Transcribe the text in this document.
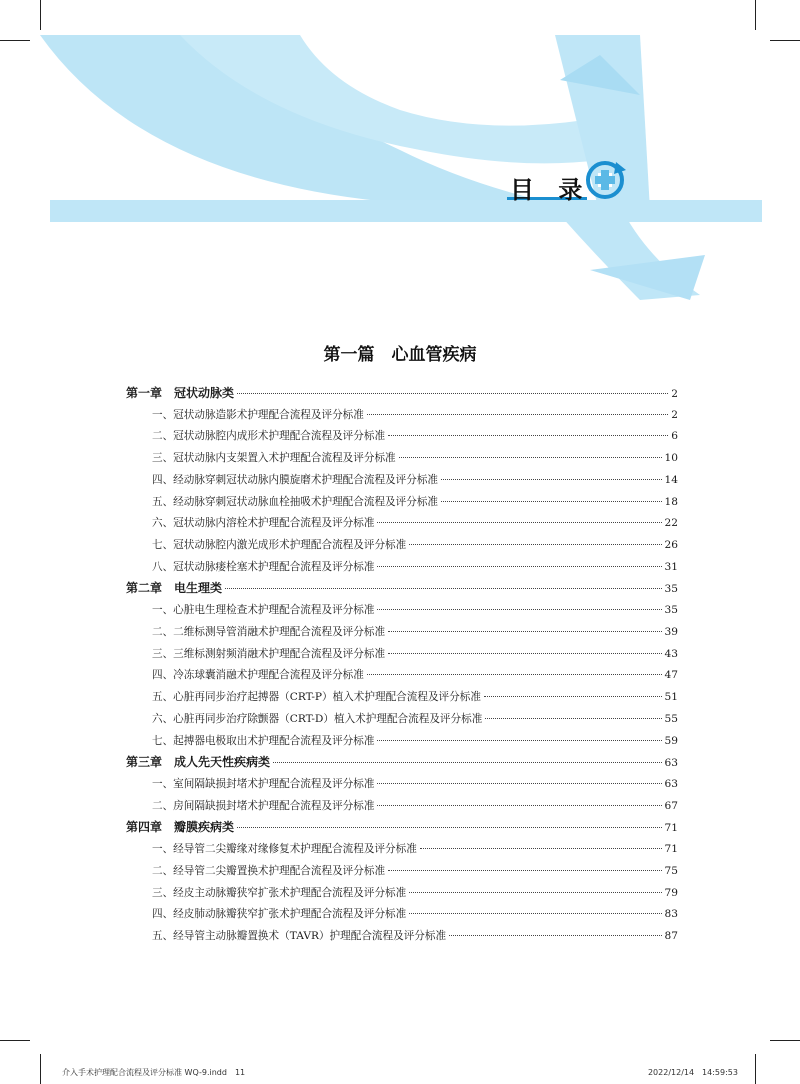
目 录
第一篇　心血管疾病
第一章　冠状动脉类	2
一、冠状动脉造影术护理配合流程及评分标准	2
二、冠状动脉腔内成形术护理配合流程及评分标准	6
三、冠状动脉内支架置入术护理配合流程及评分标准	10
四、经动脉穿刺冠状动脉内膜旋磨术护理配合流程及评分标准	14
五、经动脉穿刺冠状动脉血栓抽吸术护理配合流程及评分标准	18
六、冠状动脉内溶栓术护理配合流程及评分标准	22
七、冠状动脉腔内激光成形术护理配合流程及评分标准	26
八、冠状动脉瘘栓塞术护理配合流程及评分标准	31
第二章　电生理类	35
一、心脏电生理检查术护理配合流程及评分标准	35
二、二维标测导管消融术护理配合流程及评分标准	39
三、三维标测射频消融术护理配合流程及评分标准	43
四、冷冻球囊消融术护理配合流程及评分标准	47
五、心脏再同步治疗起搏器（CRT-P）植入术护理配合流程及评分标准	51
六、心脏再同步治疗除颤器（CRT-D）植入术护理配合流程及评分标准	55
七、起搏器电极取出术护理配合流程及评分标准	59
第三章　成人先天性疾病类	63
一、室间隔缺损封堵术护理配合流程及评分标准	63
二、房间隔缺损封堵术护理配合流程及评分标准	67
第四章　瓣膜疾病类	71
一、经导管二尖瓣缘对缘修复术护理配合流程及评分标准	71
二、经导管二尖瓣置换术护理配合流程及评分标准	75
三、经皮主动脉瓣狭窄扩张术护理配合流程及评分标准	79
四、经皮肺动脉瓣狭窄扩张术护理配合流程及评分标准	83
五、经导管主动脉瓣置换术（TAVR）护理配合流程及评分标准	87
介入手术护理配合流程及评分标准 WQ-9.indd　11	2022/12/14　14:59:53
